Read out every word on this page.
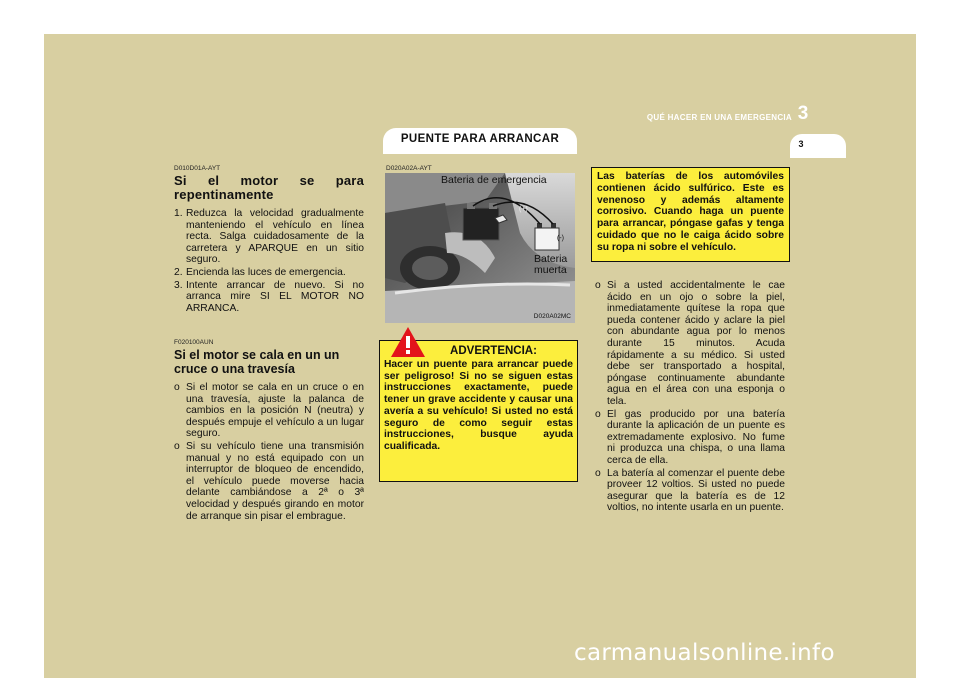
QUÉ HACER EN UNA EMERGENCIA 3
3
PUENTE PARA ARRANCAR
D010D01A-AYT
Si el motor se para repentinamente
1. Reduzca la velocidad gradualmente manteniendo el vehículo en línea recta. Salga cuidadosamente de la carretera y APARQUE en un sitio seguro.
2. Encienda las luces de emergencia.
3. Intente arrancar de nuevo. Si no arranca mire SI EL MOTOR NO ARRANCA.
F020100AUN
Si el motor se cala en un un cruce o una travesía
o Si el motor se cala en un cruce o en una travesía, ajuste la palanca de cambios en la posición N (neutra) y después empuje el vehículo a un lugar seguro.
o Si su vehículo tiene una transmisión manual y no está equipado con un interruptor de bloqueo de encendido, el vehículo puede moverse hacia delante cambiándose a 2ª o 3ª velocidad y después girando en motor de arranque sin pisar el embrague.
D020A02A-AYT
Bateria de emergencia
(+)
(-)
Bateria
muerta
D020A02MC
ADVERTENCIA:
Hacer un puente para arrancar puede ser peligroso! Si no se siguen estas instrucciones exactamente, puede tener un grave accidente y causar una avería a su vehículo! Si usted no está seguro de como seguir estas instrucciones, busque ayuda cualificada.
Las baterías de los automóviles contienen ácido sulfúrico. Este es venenoso y además altamente corrosivo. Cuando haga un puente para arrancar, póngase gafas y tenga cuidado que no le caiga ácido sobre su ropa ni sobre el vehículo.
o Si a usted accidentalmente le cae ácido en un ojo o sobre la piel, inmediatamente quítese la ropa que pueda contener ácido y aclare la piel con abundante agua por lo menos durante 15 minutos. Acuda rápidamente a su médico. Si usted debe ser transportado a hospital, póngase continuamente abundante agua en el área con una esponja o tela.
o El gas producido por una batería durante la aplicación de un puente es extremadamente explosivo. No fume ni produzca una chispa, o una llama cerca de ella.
o La batería al comenzar el puente debe proveer 12 voltios. Si usted no puede asegurar que la batería es de 12 voltios, no intente usarla en un puente.
carmanualsonline.info
